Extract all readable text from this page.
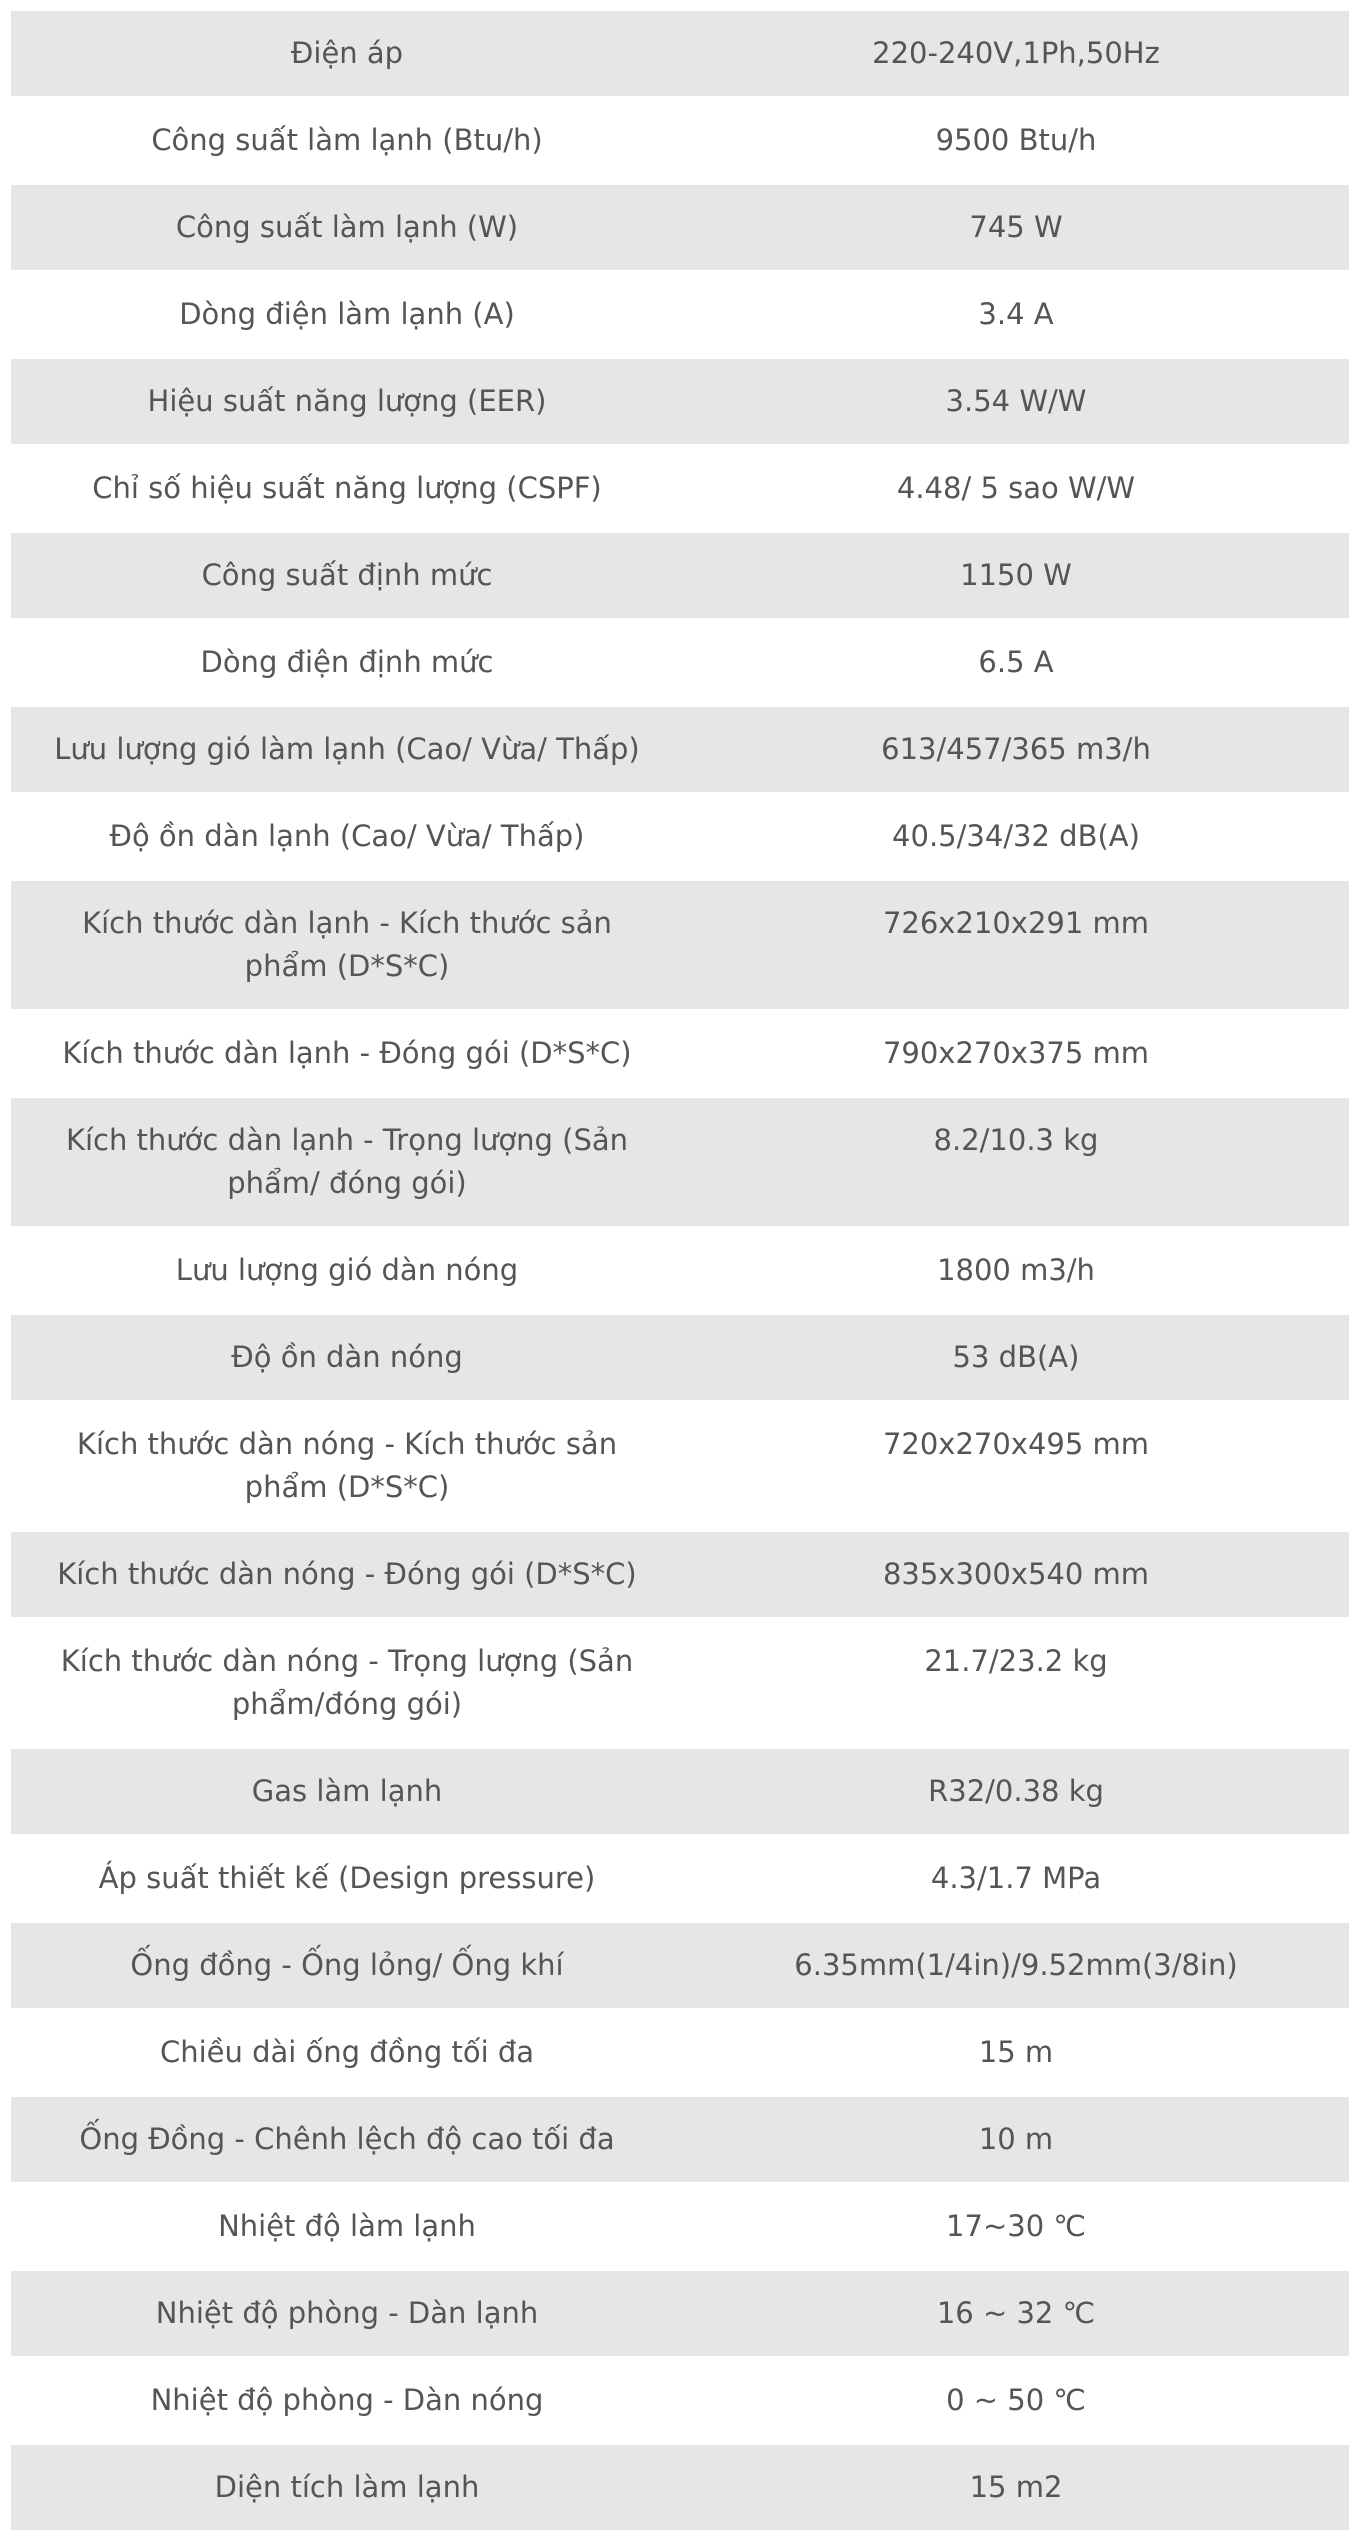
Điện áp	220-240V,1Ph,50Hz
Công suất làm lạnh (Btu/h)	9500 Btu/h
Công suất làm lạnh (W)	745 W
Dòng điện làm lạnh (A)	3.4 A
Hiệu suất năng lượng (EER)	3.54 W/W
Chỉ số hiệu suất năng lượng (CSPF)	4.48/ 5 sao W/W
Công suất định mức	1150 W
Dòng điện định mức	6.5 A
Lưu lượng gió làm lạnh (Cao/ Vừa/ Thấp)	613/457/365 m3/h
Độ ồn dàn lạnh (Cao/ Vừa/ Thấp)	40.5/34/32 dB(A)
Kích thước dàn lạnh - Kích thước sản phẩm (D*S*C)	726x210x291 mm
Kích thước dàn lạnh - Đóng gói (D*S*C)	790x270x375 mm
Kích thước dàn lạnh - Trọng lượng (Sản phẩm/ đóng gói)	8.2/10.3 kg
Lưu lượng gió dàn nóng	1800 m3/h
Độ ồn dàn nóng	53 dB(A)
Kích thước dàn nóng - Kích thước sản phẩm (D*S*C)	720x270x495 mm
Kích thước dàn nóng - Đóng gói (D*S*C)	835x300x540 mm
Kích thước dàn nóng - Trọng lượng (Sản phẩm/đóng gói)	21.7/23.2 kg
Gas làm lạnh	R32/0.38 kg
Áp suất thiết kế (Design pressure)	4.3/1.7 MPa
Ống đồng - Ống lỏng/ Ống khí	6.35mm(1/4in)/9.52mm(3/8in)
Chiều dài ống đồng tối đa	15 m
Ống Đồng - Chênh lệch độ cao tối đa	10 m
Nhiệt độ làm lạnh	17~30 ℃
Nhiệt độ phòng - Dàn lạnh	16 ~ 32 ℃
Nhiệt độ phòng - Dàn nóng	0 ~ 50 ℃
Diện tích làm lạnh	15 m2
